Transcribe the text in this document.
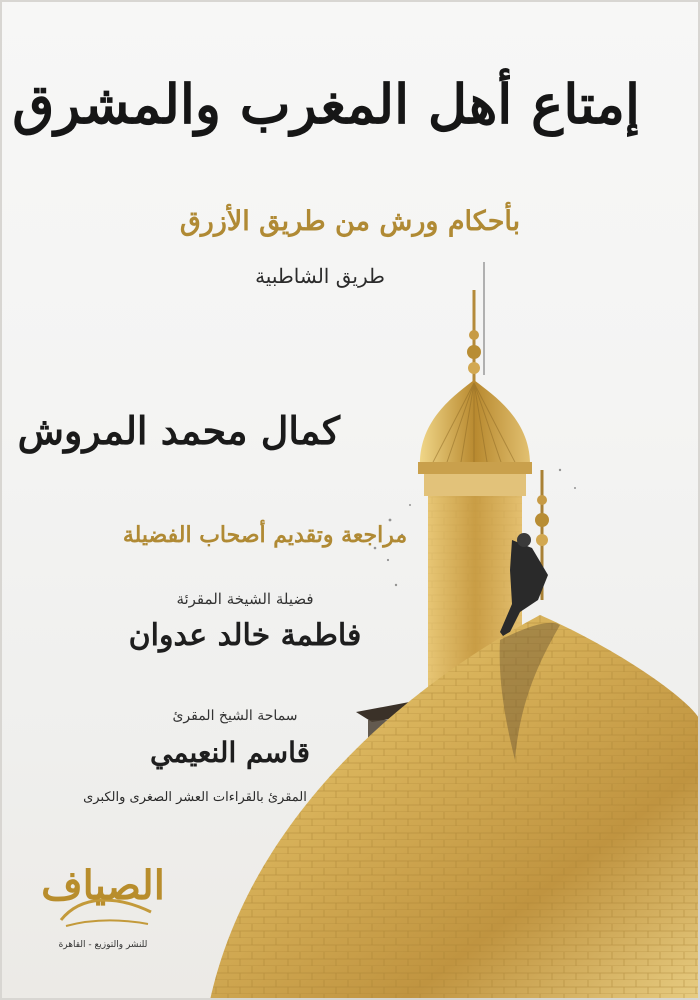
إمتاع أهل المغرب والمشرق
بأحكام ورش من طريق الأزرق
طريق الشاطبية
كمال محمد المروش
مراجعة وتقديم أصحاب الفضيلة
فضيلة الشيخة المقرئة
فاطمة خالد عدوان
سماحة الشيخ المقرئ
قاسم النعيمي
المقرئ بالقراءات العشر الصغرى والكبرى
الصياف
للنشر والتوزيع - القاهرة
